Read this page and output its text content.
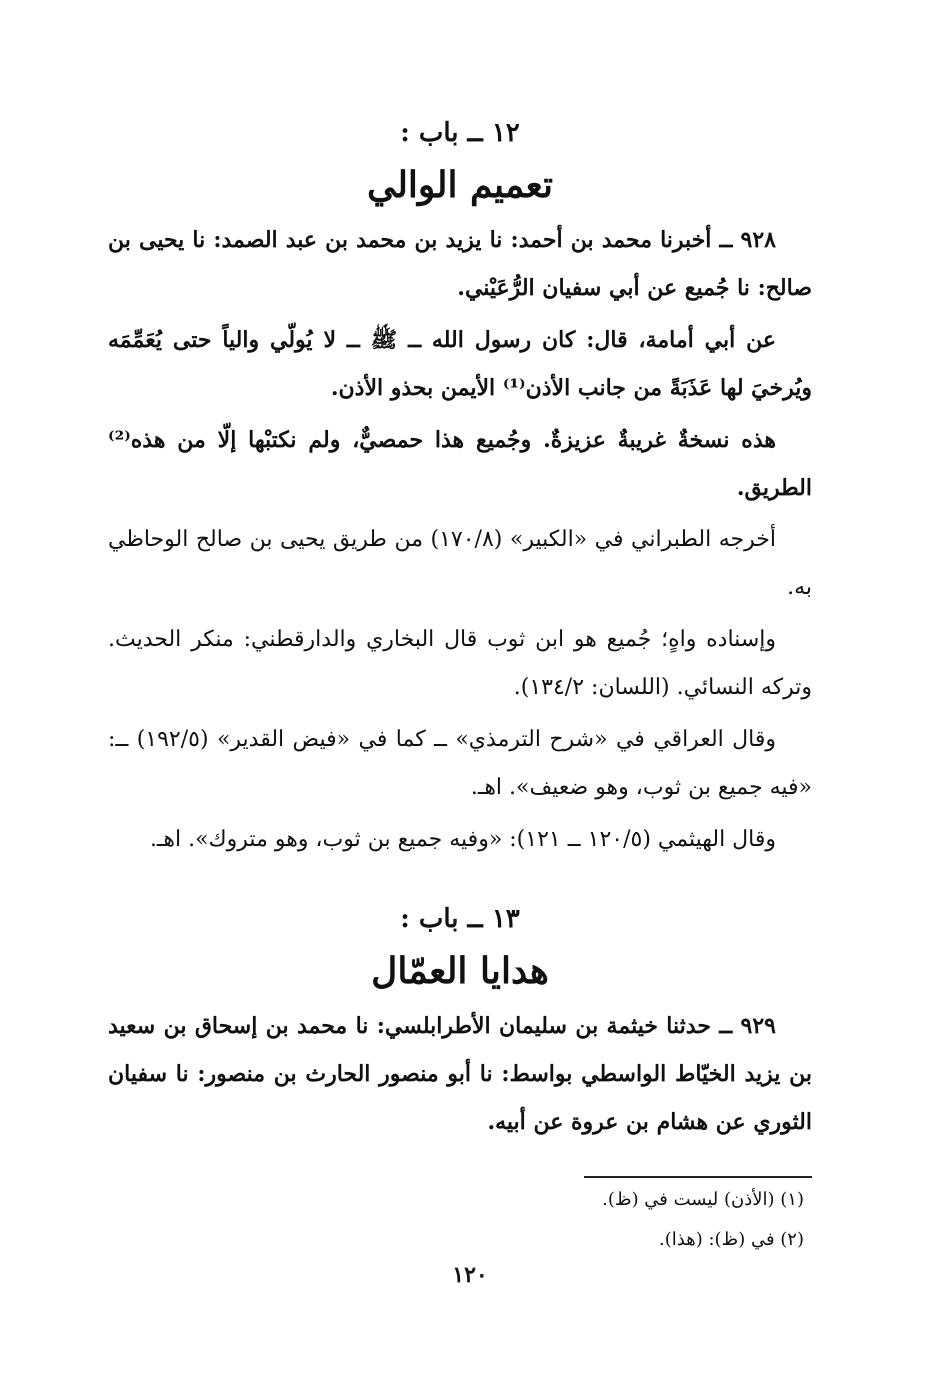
١٢ ــ باب :
تعميم الوالي

٩٢٨ ــ أخبرنا محمد بن أحمد: نا يزيد بن محمد بن عبد الصمد: نا يحيى بن صالح: نا جُميع عن أبي سفيان الرُّعَيْني.

عن أبي أمامة، قال: كان رسول الله ــ ﷺ ــ لا يُولّي والياً حتى يُعَمِّمَه ويُرخيَ لها عَذَبَةً من جانب الأذن⁽¹⁾ الأيمن بحذو الأذن.

هذه نسخةٌ غريبةٌ عزيزةٌ. وجُميع هذا حمصيٌّ، ولم نكتبْها إلّا من هذه⁽²⁾ الطريق.

أخرجه الطبراني في «الكبير» (١٧٠/٨) من طريق يحيى بن صالح الوحاظي به.

وإسناده واهٍ؛ جُميع هو ابن ثوب قال البخاري والدارقطني: منكر الحديث. وتركه النسائي. (اللسان: ١٣٤/٢).

وقال العراقي في «شرح الترمذي» ــ كما في «فيض القدير» (١٩٢/٥) ــ: «فيه جميع بن ثوب، وهو ضعيف». اهـ.

وقال الهيثمي (١٢٠/٥ ــ ١٢١): «وفيه جميع بن ثوب، وهو متروك». اهـ.

١٣ ــ باب :
هدايا العمّال

٩٢٩ ــ حدثنا خيثمة بن سليمان الأطرابلسي: نا محمد بن إسحاق بن سعيد بن يزيد الخيّاط الواسطي بواسط: نا أبو منصور الحارث بن منصور: نا سفيان الثوري عن هشام بن عروة عن أبيه.

(١) (الأذن) ليست في (ظ).

(٢) في (ظ): (هذا).

١٢٠
